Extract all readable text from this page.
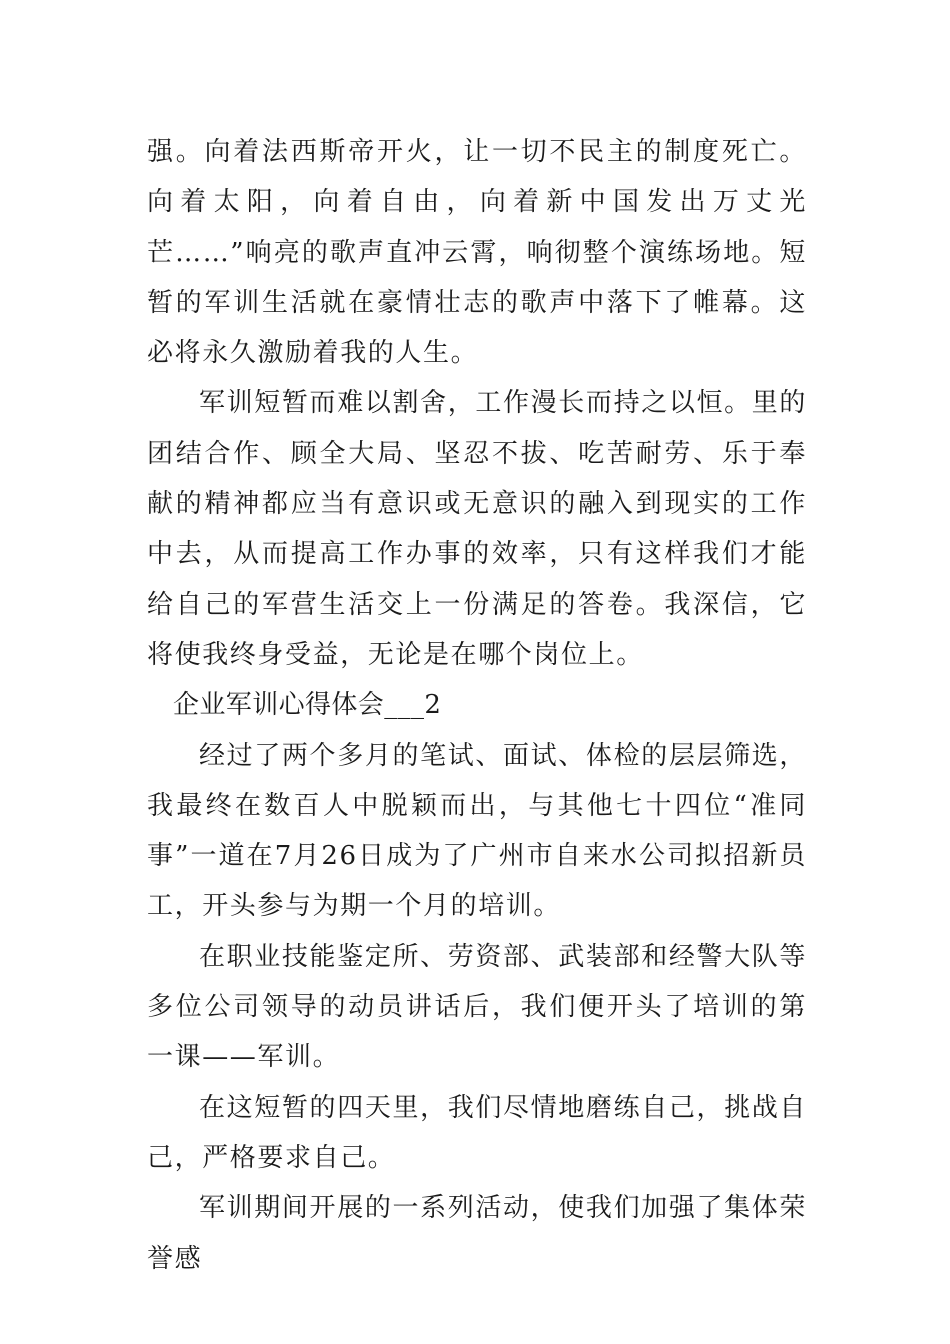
强。向着法西斯帝开火，让一切不民主的制度死亡。向着太阳，向着自由，向着新中国发出万丈光芒……”响亮的歌声直冲云霄，响彻整个演练场地。短暂的军训生活就在豪情壮志的歌声中落下了帷幕。这必将永久激励着我的人生。

军训短暂而难以割舍，工作漫长而持之以恒。里的团结合作、顾全大局、坚忍不拔、吃苦耐劳、乐于奉献的精神都应当有意识或无意识的融入到现实的工作中去，从而提高工作办事的效率，只有这样我们才能给自己的军营生活交上一份满足的答卷。我深信，它将使我终身受益，无论是在哪个岗位上。

企业军训心得体会___2

经过了两个多月的笔试、面试、体检的层层筛选，我最终在数百人中脱颖而出，与其他七十四位“准同事”一道在7月26日成为了广州市自来水公司拟招新员工，开头参与为期一个月的培训。

在职业技能鉴定所、劳资部、武装部和经警大队等多位公司领导的动员讲话后，我们便开头了培训的第一课——军训。

在这短暂的四天里，我们尽情地磨练自己，挑战自己，严格要求自己。

军训期间开展的一系列活动，使我们加强了集体荣誉感
